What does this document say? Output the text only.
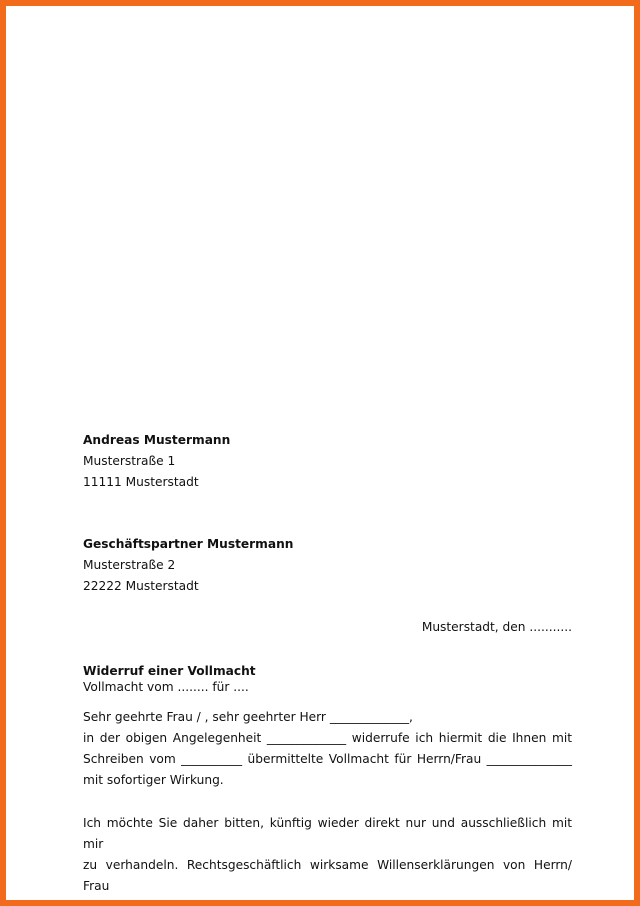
Andreas Mustermann
Musterstraße 1
11111 Musterstadt
Geschäftspartner Mustermann
Musterstraße 2
22222 Musterstadt
Musterstadt, den ...........
Widerruf einer Vollmacht
Vollmacht vom ........ für ....
Sehr geehrte Frau / , sehr geehrter Herr _____________,
in der obigen Angelegenheit _____________ widerrufe ich hiermit die Ihnen mit
Schreiben vom __________ übermittelte Vollmacht für Herrn/Frau ______________
mit sofortiger Wirkung.
Ich möchte Sie daher bitten, künftig wieder direkt nur und ausschließlich mit mir
zu verhandeln. Rechtsgeschäftlich wirksame Willenserklärungen von Herrn/ Frau
